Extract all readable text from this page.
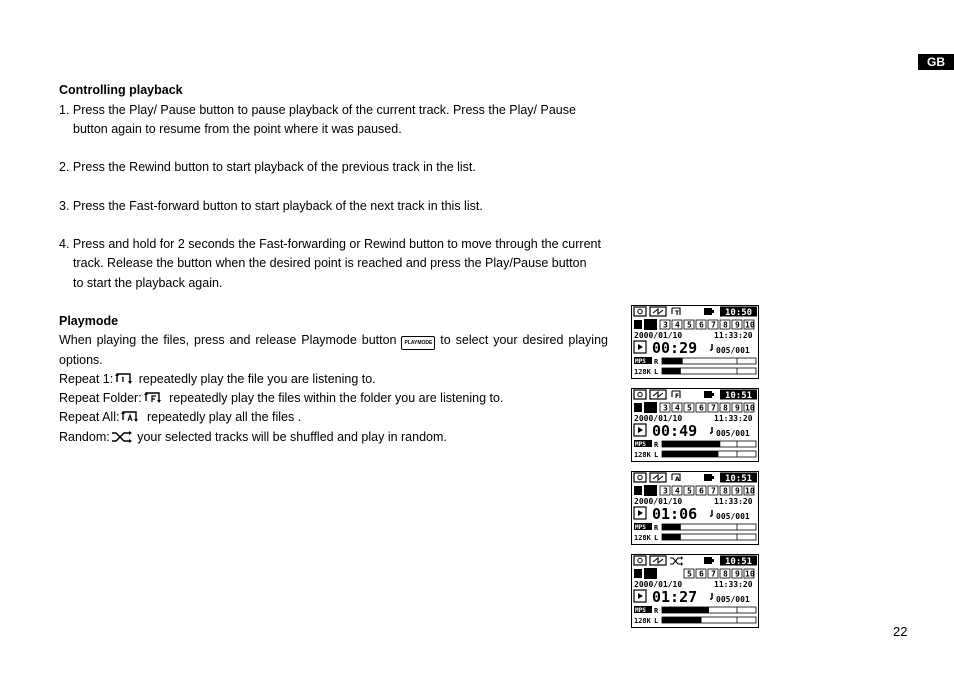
GB
Controlling playback
1. Press the Play/ Pause button to pause playback of the current track. Press the Play/ Pause
button again to resume from the point where it was paused.
2. Press the Rewind button to start playback of the previous track in the list.
3. Press the Fast-forward button to start playback of the next track in this list.
4. Press and hold for 2 seconds the Fast-forwarding or Rewind button to move through the current
track. Release the button when the desired point is reached and press the Play/Pause button
to start the playback again.
Playmode
When playing the files, press and release Playmode button PLAYMODE to select your desired playing
options.
Repeat 1: repeatedly play the file you are listening to.
Repeat Folder: repeatedly play the files within the folder you are listening to.
Repeat All: repeatedly play all the files .
Random: your selected tracks will be shuffled and play in random.
T	10:50
3 4 5 6 7 8 9 10
2000/01/10	11:33:20
00:29 005/001
MPS
128K
R
L
F	10:51
3 4 5 6 7 8 9 10
2000/01/10	11:33:20
00:49 005/001
MPS
128K
R
L
A	10:51
3 4 5 6 7 8 9 10
2000/01/10	11:33:20
01:06 005/001
MPS
128K
R
L
10:51
5 6 7 8 9 10
2000/01/10	11:33:20
01:27 005/001
MPS
128K
R
L
22
